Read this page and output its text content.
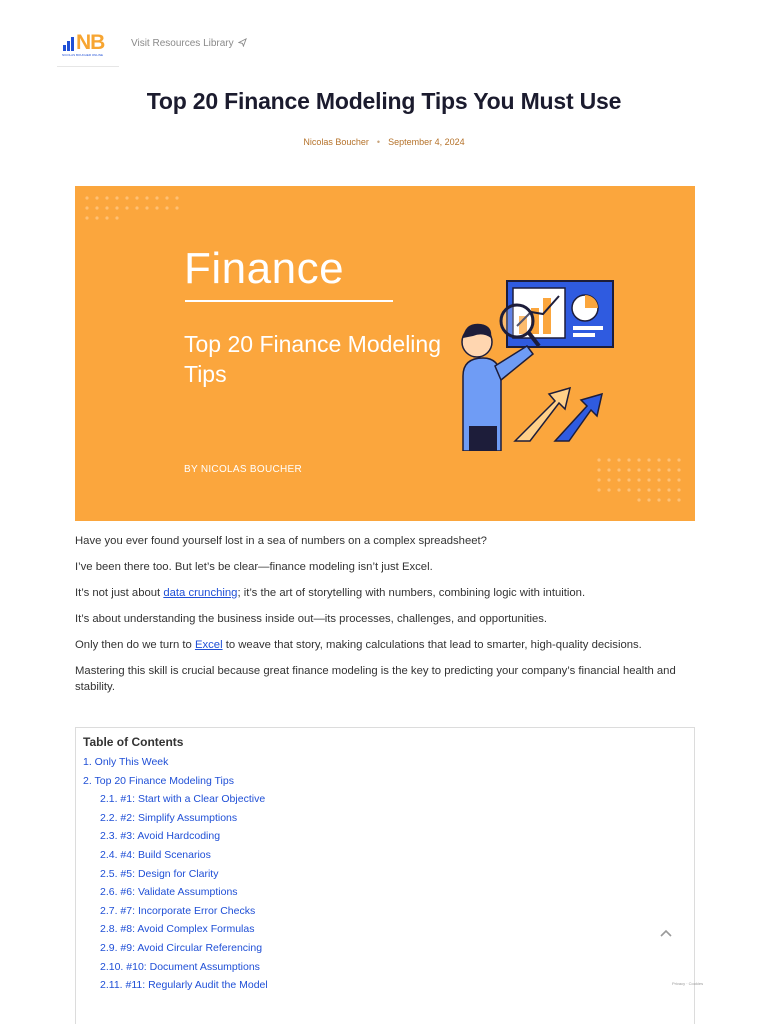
NB
NICOLAS BOUCHER ONLINE
Visit Resources Library
Top 20 Finance Modeling Tips You Must Use
Nicolas Boucher • September 4, 2024
Finance
Top 20 Finance Modeling Tips
BY NICOLAS BOUCHER

Have you ever found yourself lost in a sea of numbers on a complex spreadsheet?

I’ve been there too. But let’s be clear—finance modeling isn’t just Excel.

It’s not just about data crunching; it’s the art of storytelling with numbers, combining logic with intuition.

It’s about understanding the business inside out—its processes, challenges, and opportunities.

Only then do we turn to Excel to weave that story, making calculations that lead to smarter, high-quality decisions.

Mastering this skill is crucial because great finance modeling is the key to predicting your company’s financial health and stability.

Table of Contents
1. Only This Week
2. Top 20 Finance Modeling Tips
2.1. #1: Start with a Clear Objective
2.2. #2: Simplify Assumptions
2.3. #3: Avoid Hardcoding
2.4. #4: Build Scenarios
2.5. #5: Design for Clarity
2.6. #6: Validate Assumptions
2.7. #7: Incorporate Error Checks
2.8. #8: Avoid Complex Formulas
2.9. #9: Avoid Circular Referencing
2.10. #10: Document Assumptions
2.11. #11: Regularly Audit the Model	Privacy · Cookies
